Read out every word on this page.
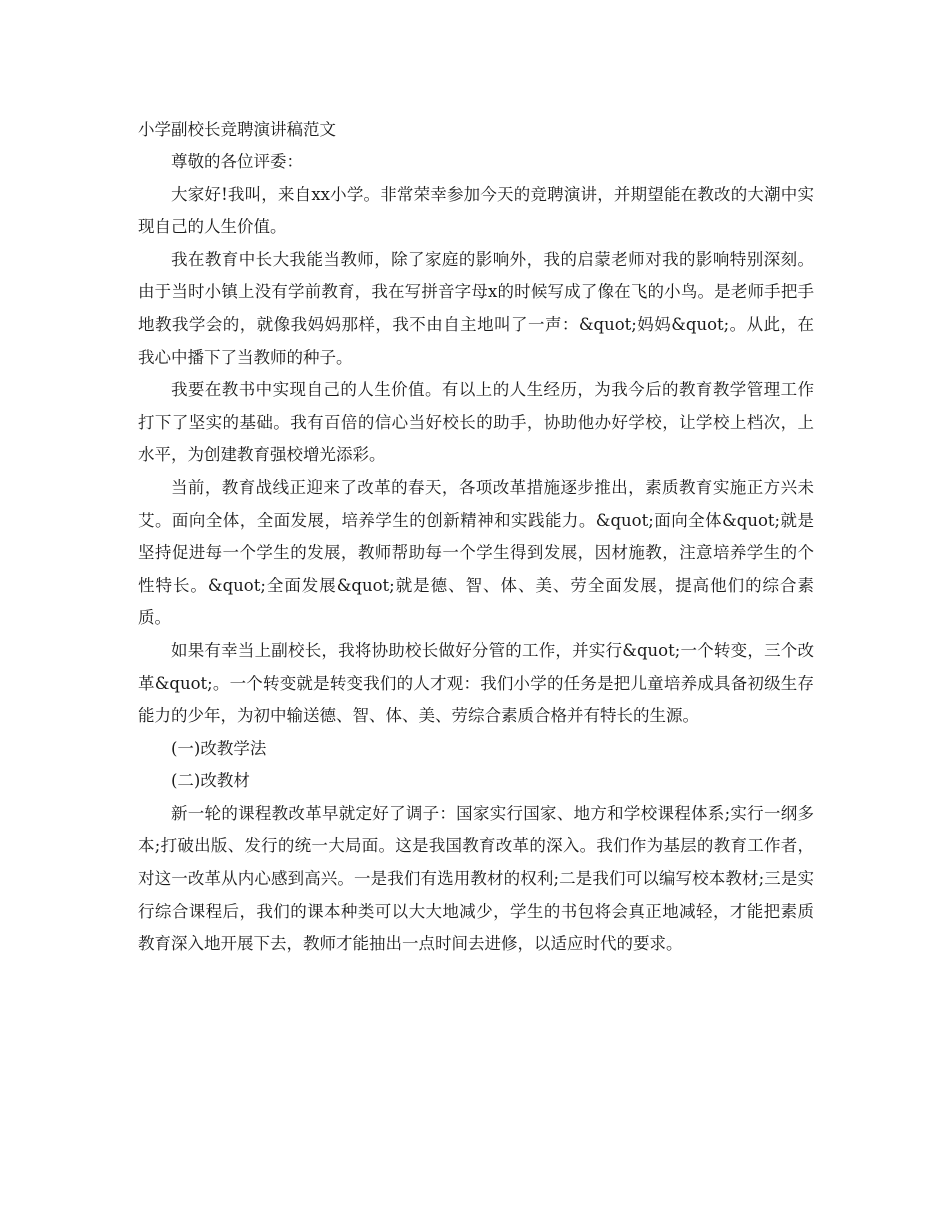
小学副校长竞聘演讲稿范文

尊敬的各位评委：

大家好!我叫，来自xx小学。非常荣幸参加今天的竞聘演讲，并期望能在教改的大潮中实现自己的人生价值。

我在教育中长大我能当教师，除了家庭的影响外，我的启蒙老师对我的影响特别深刻。由于当时小镇上没有学前教育，我在写拼音字母x的时候写成了像在飞的小鸟。是老师手把手地教我学会的，就像我妈妈那样，我不由自主地叫了一声：&quot;妈妈&quot;。从此，在我心中播下了当教师的种子。

我要在教书中实现自己的人生价值。有以上的人生经历，为我今后的教育教学管理工作打下了坚实的基础。我有百倍的信心当好校长的助手，协助他办好学校，让学校上档次，上水平，为创建教育强校增光添彩。

当前，教育战线正迎来了改革的春天，各项改革措施逐步推出，素质教育实施正方兴未艾。面向全体，全面发展，培养学生的创新精神和实践能力。&quot;面向全体&quot;就是坚持促进每一个学生的发展，教师帮助每一个学生得到发展，因材施教，注意培养学生的个性特长。&quot;全面发展&quot;就是德、智、体、美、劳全面发展，提高他们的综合素质。

如果有幸当上副校长，我将协助校长做好分管的工作，并实行&quot;一个转变，三个改革&quot;。一个转变就是转变我们的人才观：我们小学的任务是把儿童培养成具备初级生存能力的少年，为初中输送德、智、体、美、劳综合素质合格并有特长的生源。

(一)改教学法

(二)改教材

新一轮的课程教改革早就定好了调子：国家实行国家、地方和学校课程体系;实行一纲多本;打破出版、发行的统一大局面。这是我国教育改革的深入。我们作为基层的教育工作者，对这一改革从内心感到高兴。一是我们有选用教材的权利;二是我们可以编写校本教材;三是实行综合课程后，我们的课本种类可以大大地减少，学生的书包将会真正地减轻，才能把素质教育深入地开展下去，教师才能抽出一点时间去进修，以适应时代的要求。
